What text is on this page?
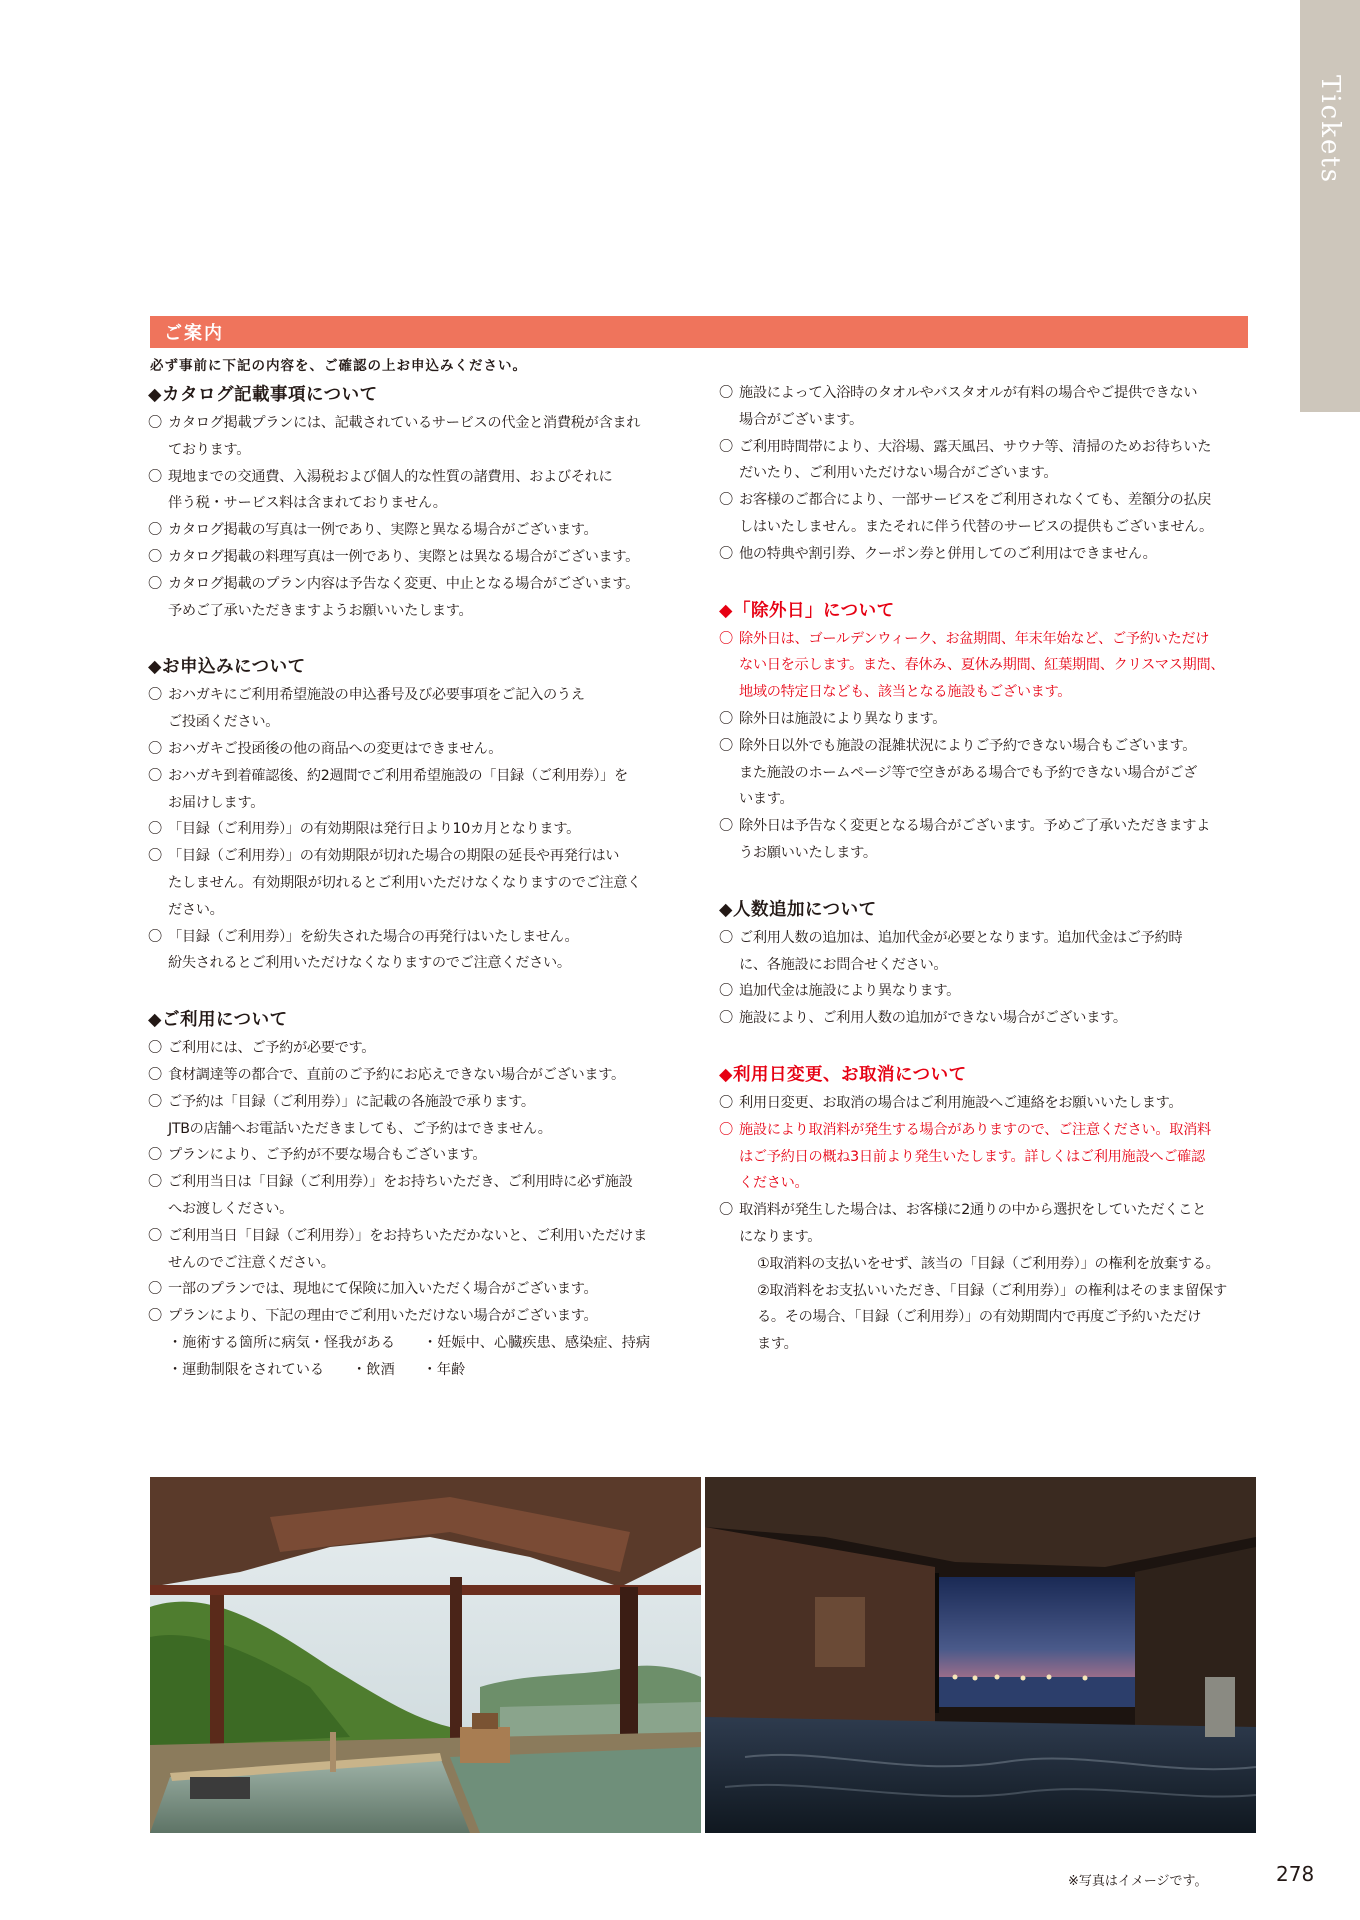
Tickets
ご案内
必ず事前に下記の内容を、ご確認の上お申込みください。
◆カタログ記載事項について
〇 カタログ掲載プランには、記載されているサービスの代金と消費税が含まれ
ております。
〇 現地までの交通費、入湯税および個人的な性質の諸費用、およびそれに
伴う税・サービス料は含まれておりません。
〇 カタログ掲載の写真は一例であり、実際と異なる場合がございます。
〇 カタログ掲載の料理写真は一例であり、実際とは異なる場合がございます。
〇 カタログ掲載のプラン内容は予告なく変更、中止となる場合がございます。
予めご了承いただきますようお願いいたします。
◆お申込みについて
〇 おハガキにご利用希望施設の申込番号及び必要事項をご記入のうえ
ご投函ください。
〇 おハガキご投函後の他の商品への変更はできません。
〇 おハガキ到着確認後、約2週間でご利用希望施設の「目録（ご利用券）」を
お届けします。
〇 「目録（ご利用券）」の有効期限は発行日より10カ月となります。
〇 「目録（ご利用券）」の有効期限が切れた場合の期限の延長や再発行はい
たしません。有効期限が切れるとご利用いただけなくなりますのでご注意く
ださい。
〇 「目録（ご利用券）」を紛失された場合の再発行はいたしません。
紛失されるとご利用いただけなくなりますのでご注意ください。
◆ご利用について
〇 ご利用には、ご予約が必要です。
〇 食材調達等の都合で、直前のご予約にお応えできない場合がございます。
〇 ご予約は「目録（ご利用券）」に記載の各施設で承ります。
JTBの店舗へお電話いただきましても、ご予約はできません。
〇 プランにより、ご予約が不要な場合もございます。
〇 ご利用当日は「目録（ご利用券）」をお持ちいただき、ご利用時に必ず施設
へお渡しください。
〇 ご利用当日「目録（ご利用券）」をお持ちいただかないと、ご利用いただけま
せんのでご注意ください。
〇 一部のプランでは、現地にて保険に加入いただく場合がございます。
〇 プランにより、下記の理由でご利用いただけない場合がございます。
・施術する箇所に病気・怪我がある ・妊娠中、心臓疾患、感染症、持病
・運動制限をされている ・飲酒 ・年齢
〇 施設によって入浴時のタオルやバスタオルが有料の場合やご提供できない
場合がございます。
〇 ご利用時間帯により、大浴場、露天風呂、サウナ等、清掃のためお待ちいた
だいたり、ご利用いただけない場合がございます。
〇 お客様のご都合により、一部サービスをご利用されなくても、差額分の払戻
しはいたしません。またそれに伴う代替のサービスの提供もございません。
〇 他の特典や割引券、クーポン券と併用してのご利用はできません。
◆「除外日」について
〇 除外日は、ゴールデンウィーク、お盆期間、年末年始など、ご予約いただけ
ない日を示します。また、春休み、夏休み期間、紅葉期間、クリスマス期間、
地域の特定日なども、該当となる施設もございます。
〇 除外日は施設により異なります。
〇 除外日以外でも施設の混雑状況によりご予約できない場合もございます。
また施設のホームページ等で空きがある場合でも予約できない場合がござ
います。
〇 除外日は予告なく変更となる場合がございます。予めご了承いただきますよ
うお願いいたします。
◆人数追加について
〇 ご利用人数の追加は、追加代金が必要となります。追加代金はご予約時
に、各施設にお問合せください。
〇 追加代金は施設により異なります。
〇 施設により、ご利用人数の追加ができない場合がございます。
◆利用日変更、お取消について
〇 利用日変更、お取消の場合はご利用施設へご連絡をお願いいたします。
〇 施設により取消料が発生する場合がありますので、ご注意ください。取消料
はご予約日の概ね3日前より発生いたします。詳しくはご利用施設へご確認
ください。
〇 取消料が発生した場合は、お客様に2通りの中から選択をしていただくこと
になります。
①取消料の支払いをせず、該当の「目録（ご利用券）」の権利を放棄する。
②取消料をお支払いいただき、「目録（ご利用券）」の権利はそのまま留保す
る。その場合、「目録（ご利用券）」の有効期間内で再度ご予約いただけ
ます。
※写真はイメージです。	278
